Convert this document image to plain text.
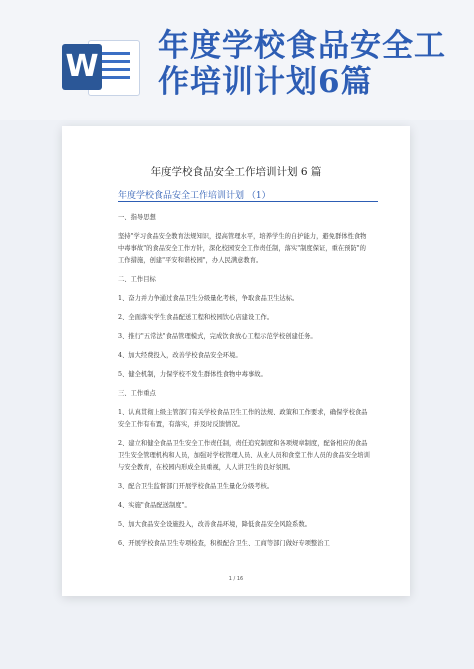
W
年度学校食品安全工作培训计划6篇
年度学校食品安全工作培训计划 6 篇
年度学校食品安全工作培训计划 （1）

一、指导思想

坚持"学习食品安全教育法规知识，提高管理水平，培养学生的自护能力，避免群体性食物中毒事故"的食品安全工作方针，深化校园安全工作责任制，落实"制度保证，重在预防"的工作措施，创建"平安和谐校园"，办人民满意教育。

二、工作目标

1、奋力并力争通过食品卫生分级量化考核，争取食品卫生达标。

2、全面落实学生食品配送工程和校园饮心店建设工作。

3、推行"五常法"食品管理模式，完成饮食放心工程示范学校创建任务。

4、加大经费投入，改善学校食品安全环境。

5、健全机制，力保学校不发生群体性食物中毒事故。

三、工作重点

1、认真贯彻上级主管部门有关学校食品卫生工作的法规、政策和工作要求，确保学校食品安全工作有布置，有落实，并及时反馈情况。

2、建立和健全食品卫生安全工作责任制，责任追究制度和各项规章制度，配备相应的食品卫生安全管理机构和人员，加强对学校管理人员、从业人员和食堂工作人员的食品安全培训与安全教育，在校园内形成全员重视，人人讲卫生的良好氛围。

3、配合卫生监督部门开展学校食品卫生量化分级考核。

4、实施"食品配送制度"。

5、加大食品安全设施投入，改善食品环境，降低食品安全风险系数。

6、开展学校食品卫生专项检查，积极配合卫生、工商等部门做好专项整治工

1 / 16
